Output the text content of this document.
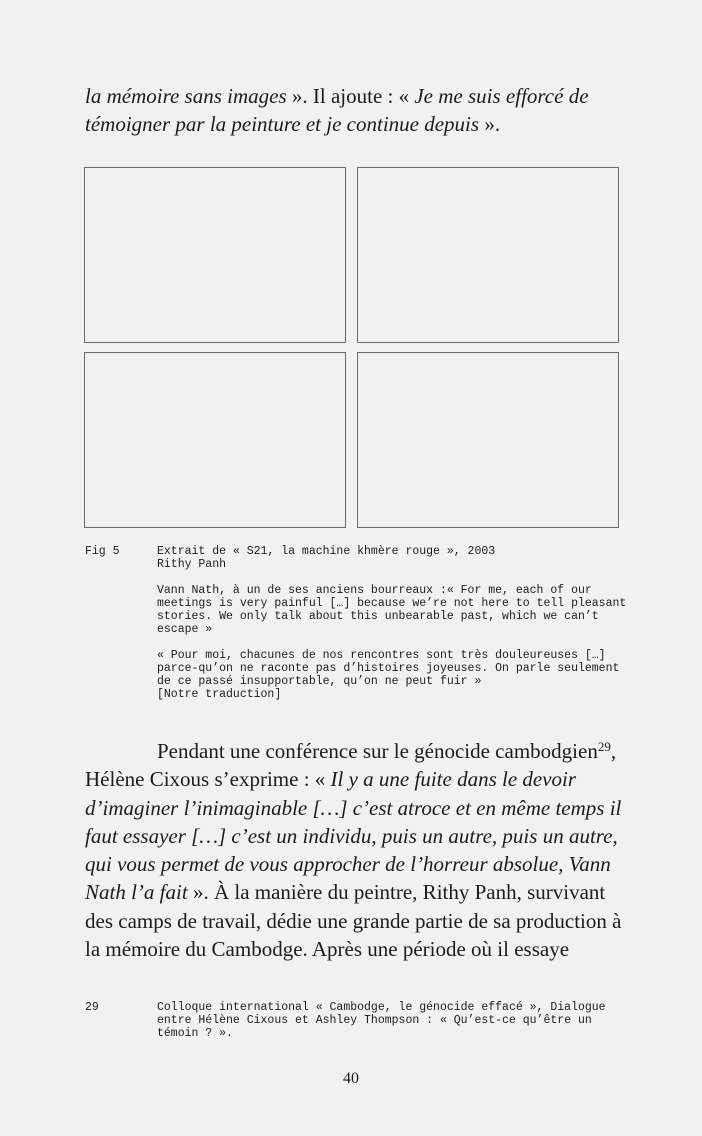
la mémoire sans images ». Il ajoute : « Je me suis efforcé de témoigner par la peinture et je continue depuis ».
Fig 5	Extrait de « S21, la machine khmère rouge », 2003

Rithy Panh

Vann Nath, à un de ses anciens bourreaux :« For me, each of our meetings is very painful […] because we’re not here to tell pleasant stories. We only talk about this unbearable past, which we can’t escape »

« Pour moi, chacunes de nos rencontres sont très douleureuses […] parce-qu’on ne raconte pas d’histoires joyeuses. On parle seulement de ce passé insupportable, qu’on ne peut fuir »

[Notre traduction]

Pendant une conférence sur le génocide cambodgien$^{29}$, Hélène Cixous s’exprime : « Il y a une fuite dans le devoir d’imaginer l’inimaginable […] c’est atroce et en même temps il faut essayer […] c’est un individu, puis un autre, puis un autre, qui vous permet de vous approcher de l’horreur absolue, Vann Nath l’a fait ». À la manière du peintre, Rithy Panh, survivant des camps de travail, dédie une grande partie de sa production à la mémoire du Cambodge. Après une période où il essaye

29	Colloque international « Cambodge, le génocide effacé », Dialogue entre Hélène Cixous et Ashley Thompson : « Qu’est-ce qu’être un témoin ? ».
40
